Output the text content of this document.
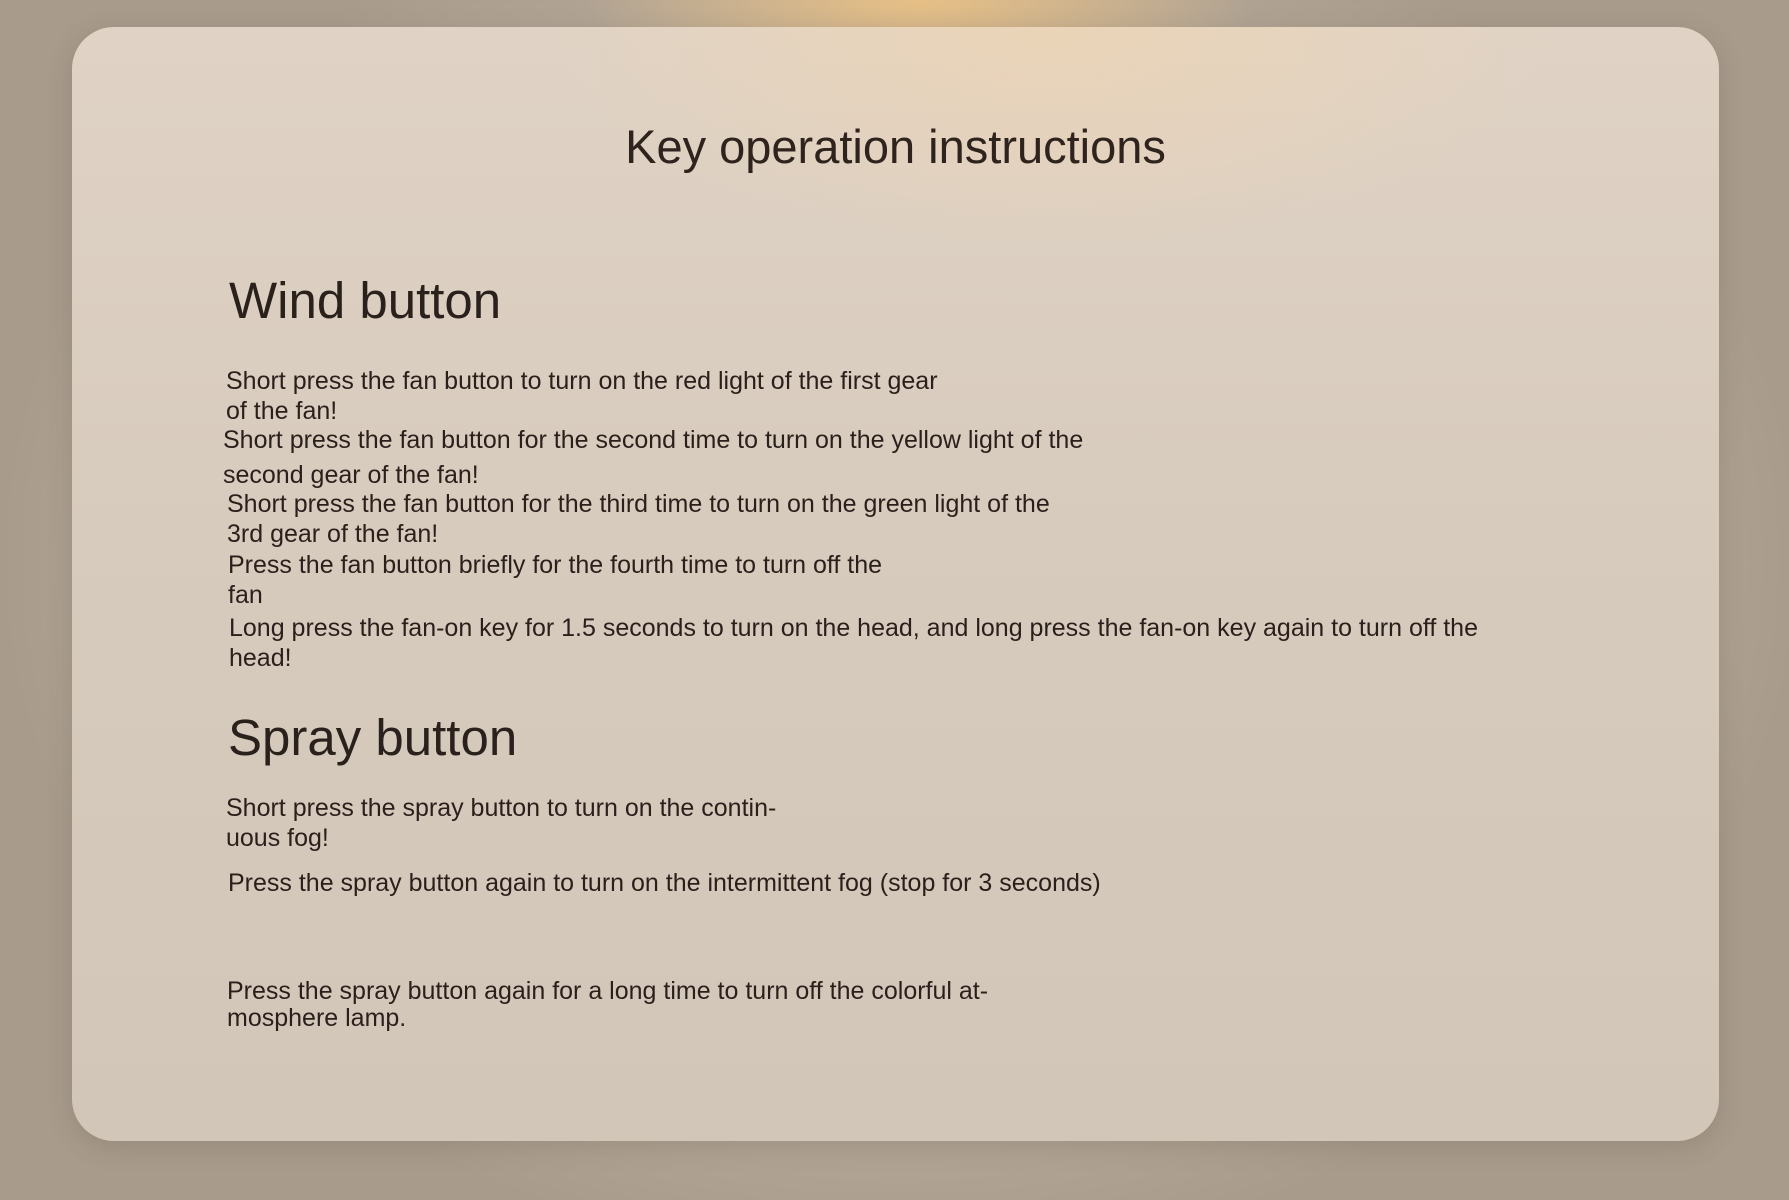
Key operation instructions
Wind button

Short press the fan button to turn on the red light of the first gear
of the fan!

Short press the fan button for the second time to turn on the yellow light of the
second gear of the fan!

Short press the fan button for the third time to turn on the green light of the
3rd gear of the fan!

Press the fan button briefly for the fourth time to turn off the
fan

Long press the fan-on key for 1.5 seconds to turn on the head, and long press the fan-on key again to turn off the
head!

Spray button

Short press the spray button to turn on the contin-
uous fog!

Press the spray button again to turn on the intermittent fog (stop for 3 seconds)

Press the spray button again for a long time to turn off the colorful at-
mosphere lamp.
